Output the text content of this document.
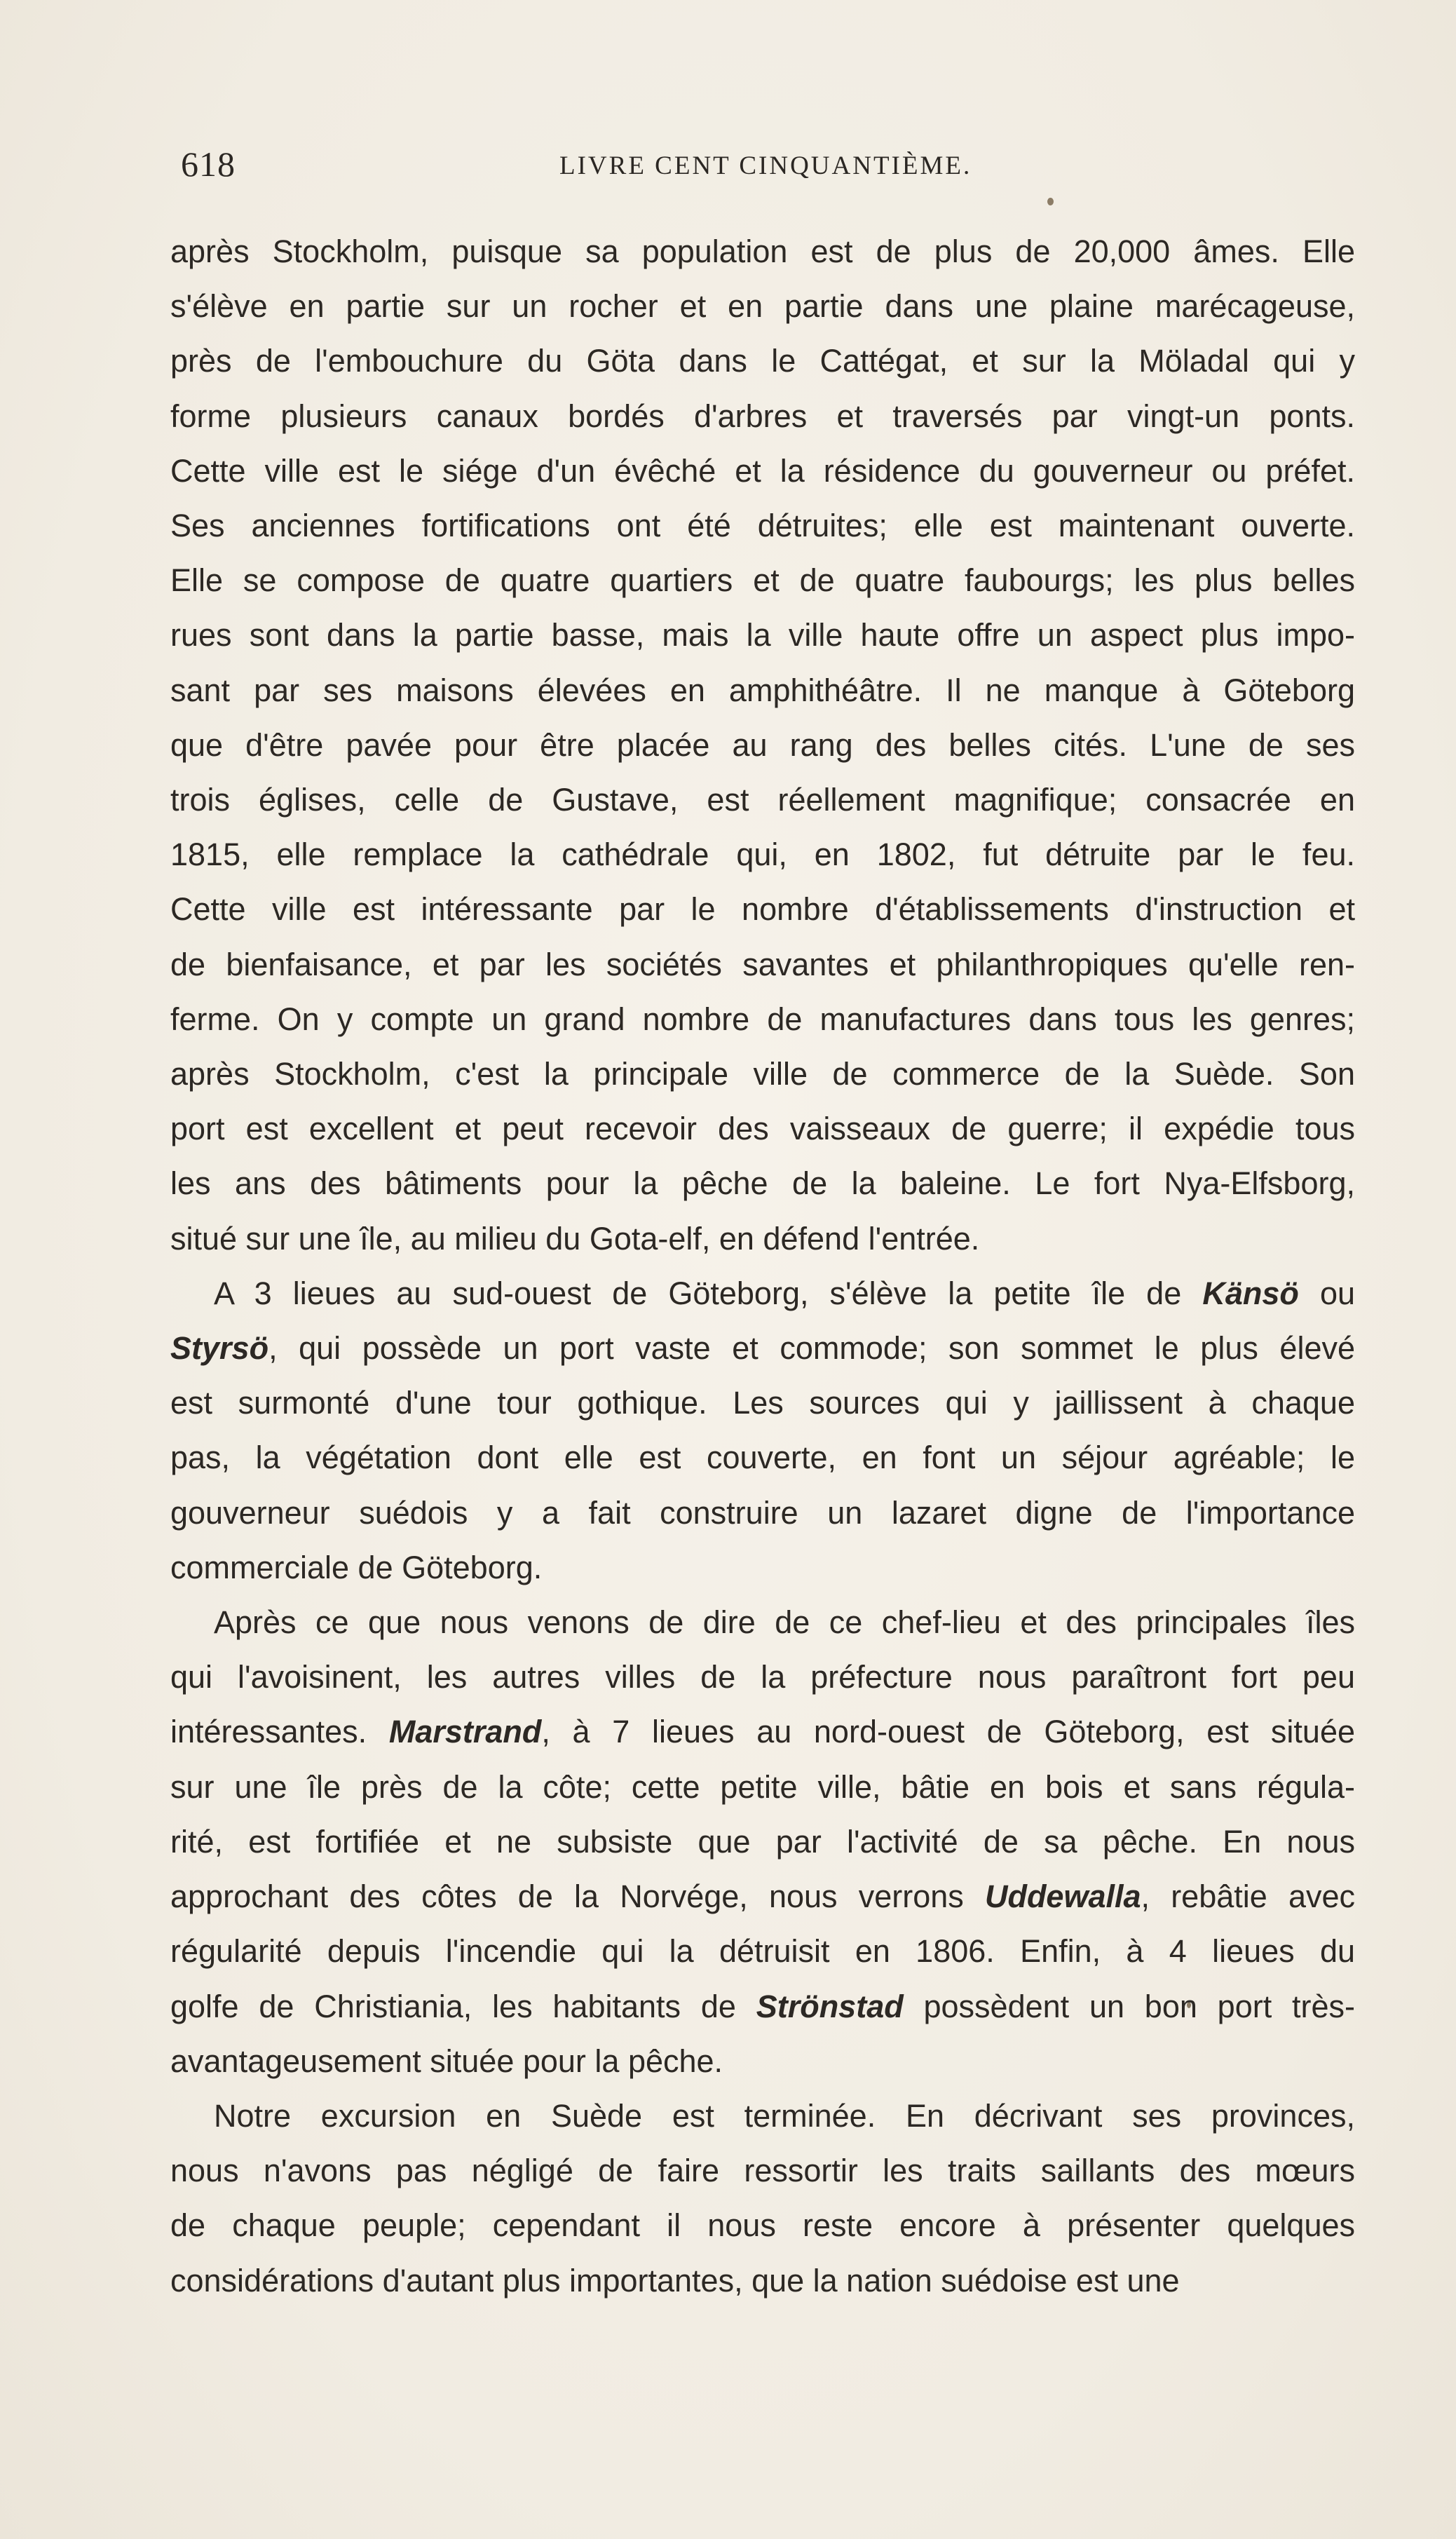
618	LIVRE CENT CINQUANTIÈME.

après Stockholm, puisque sa population est de plus de 20,000 âmes. Elle
s'élève en partie sur un rocher et en partie dans une plaine marécageuse,
près de l'embouchure du Göta dans le Cattégat, et sur la Möladal qui y
forme plusieurs canaux bordés d'arbres et traversés par vingt-un ponts.
Cette ville est le siége d'un évêché et la résidence du gouverneur ou préfet.
Ses anciennes fortifications ont été détruites; elle est maintenant ouverte.
Elle se compose de quatre quartiers et de quatre faubourgs; les plus belles
rues sont dans la partie basse, mais la ville haute offre un aspect plus impo-
sant par ses maisons élevées en amphithéâtre. Il ne manque à Göteborg
que d'être pavée pour être placée au rang des belles cités. L'une de ses
trois églises, celle de Gustave, est réellement magnifique; consacrée en
1815, elle remplace la cathédrale qui, en 1802, fut détruite par le feu.
Cette ville est intéressante par le nombre d'établissements d'instruction et
de bienfaisance, et par les sociétés savantes et philanthropiques qu'elle ren-
ferme. On y compte un grand nombre de manufactures dans tous les genres;
après Stockholm, c'est la principale ville de commerce de la Suède. Son
port est excellent et peut recevoir des vaisseaux de guerre; il expédie tous
les ans des bâtiments pour la pêche de la baleine. Le fort Nya-Elfsborg,
situé sur une île, au milieu du Gota-elf, en défend l'entrée.

A 3 lieues au sud-ouest de Göteborg, s'élève la petite île de Känsö ou
Styrsö, qui possède un port vaste et commode; son sommet le plus élevé
est surmonté d'une tour gothique. Les sources qui y jaillissent à chaque
pas, la végétation dont elle est couverte, en font un séjour agréable; le
gouverneur suédois y a fait construire un lazaret digne de l'importance
commerciale de Göteborg.

Après ce que nous venons de dire de ce chef-lieu et des principales îles
qui l'avoisinent, les autres villes de la préfecture nous paraîtront fort peu
intéressantes. Marstrand, à 7 lieues au nord-ouest de Göteborg, est située
sur une île près de la côte; cette petite ville, bâtie en bois et sans régula-
rité, est fortifiée et ne subsiste que par l'activité de sa pêche. En nous
approchant des côtes de la Norvége, nous verrons Uddewalla, rebâtie avec
régularité depuis l'incendie qui la détruisit en 1806. Enfin, à 4 lieues du
golfe de Christiania, les habitants de Strönstad possèdent un bon port très-
avantageusement située pour la pêche.

Notre excursion en Suède est terminée. En décrivant ses provinces,
nous n'avons pas négligé de faire ressortir les traits saillants des mœurs
de chaque peuple; cependant il nous reste encore à présenter quelques
considérations d'autant plus importantes, que la nation suédoise est une
